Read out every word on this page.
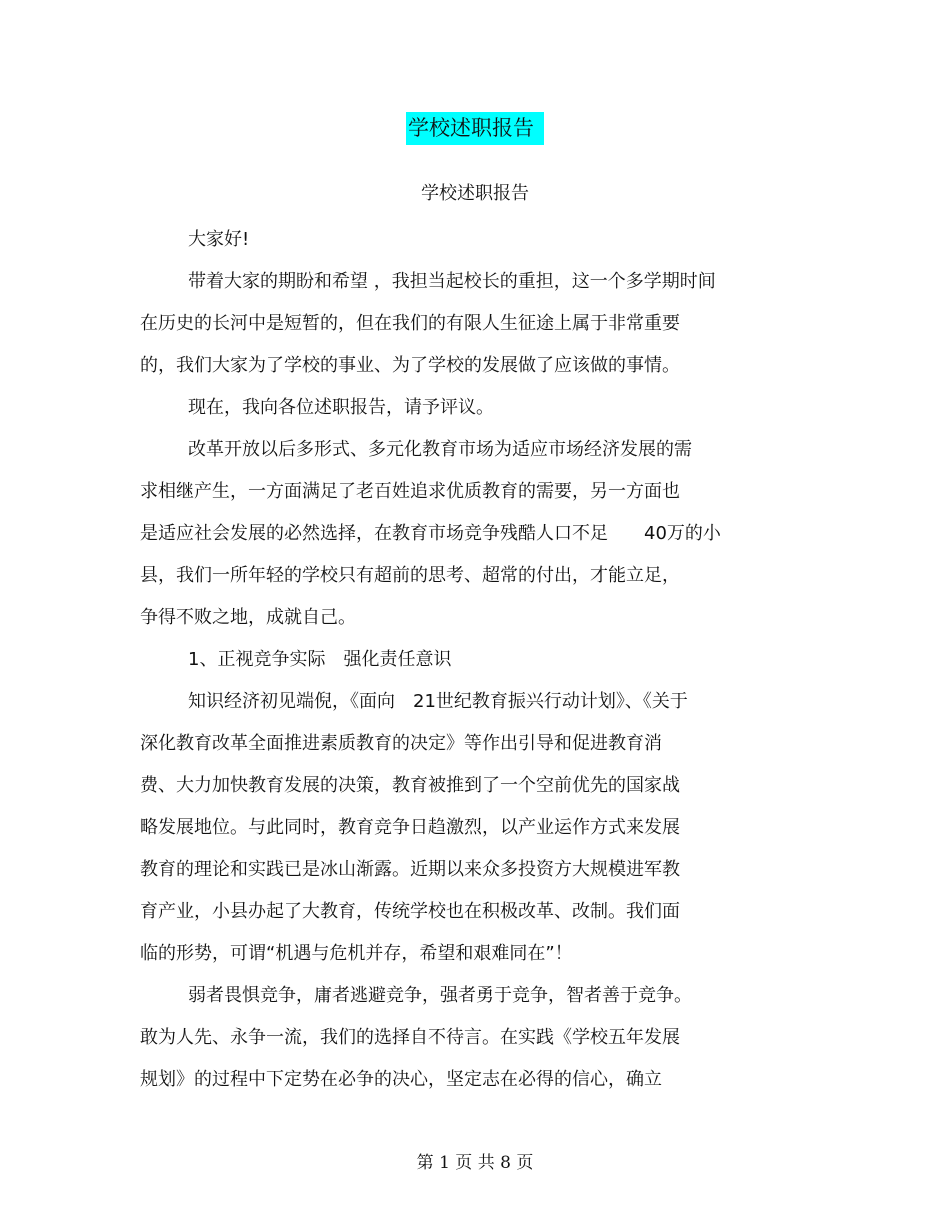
学校述职报告
学校述职报告
大家好!
带着大家的期盼和希望 ，我担当起校长的重担，这一个多学期时间
在历史的长河中是短暂的，但在我们的有限人生征途上属于非常重要
的，我们大家为了学校的事业、为了学校的发展做了应该做的事情。
现在，我向各位述职报告，请予评议。
改革开放以后多形式、多元化教育市场为适应市场经济发展的需
求相继产生，一方面满足了老百姓追求优质教育的需要，另一方面也
是适应社会发展的必然选择，在教育市场竞争残酷人口不足　　40万的小
县，我们一所年轻的学校只有超前的思考、超常的付出，才能立足，
争得不败之地，成就自己。
1、正视竞争实际　强化责任意识
知识经济初见端倪，《面向　21世纪教育振兴行动计划》、《关于
深化教育改革全面推进素质教育的决定》等作出引导和促进教育消
费、大力加快教育发展的决策，教育被推到了一个空前优先的国家战
略发展地位。与此同时，教育竞争日趋激烈，以产业运作方式来发展
教育的理论和实践已是冰山渐露。近期以来众多投资方大规模进军教
育产业，小县办起了大教育，传统学校也在积极改革、改制。我们面
临的形势，可谓“机遇与危机并存，希望和艰难同在”！
弱者畏惧竞争，庸者逃避竞争，强者勇于竞争，智者善于竞争。
敢为人先、永争一流，我们的选择自不待言。在实践《学校五年发展
规划》的过程中下定势在必争的决心，坚定志在必得的信心，确立
第 1 页 共 8 页
